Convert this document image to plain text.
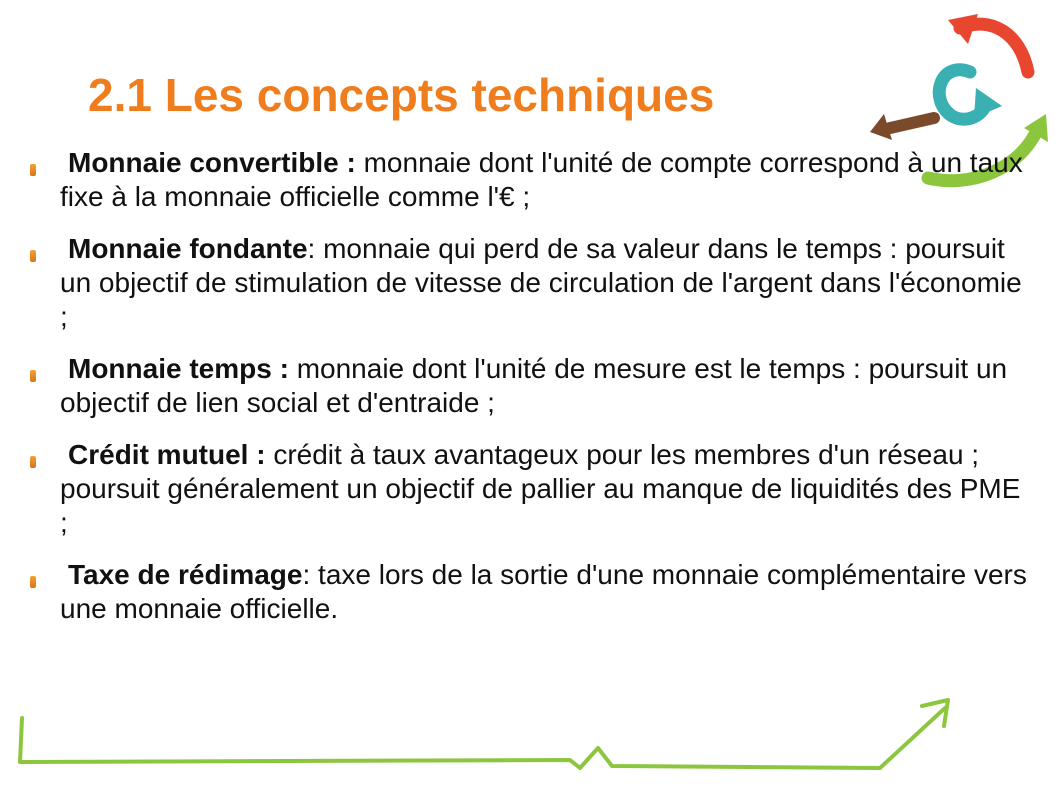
2.1 Les concepts techniques
Monnaie convertible : monnaie dont l'unité de compte correspond à un taux fixe à la monnaie officielle comme l'€ ;
Monnaie fondante: monnaie qui perd de sa valeur dans le temps : poursuit un objectif de stimulation de vitesse de circulation de l'argent dans l'économie ;
Monnaie temps : monnaie dont l'unité de mesure est le temps : poursuit un objectif de lien social et d'entraide ;
Crédit mutuel : crédit à taux avantageux pour les membres d'un réseau ; poursuit généralement un objectif de pallier au manque de liquidités des PME ;
Taxe de rédimage: taxe lors de la sortie d'une monnaie complémentaire vers une monnaie officielle.
